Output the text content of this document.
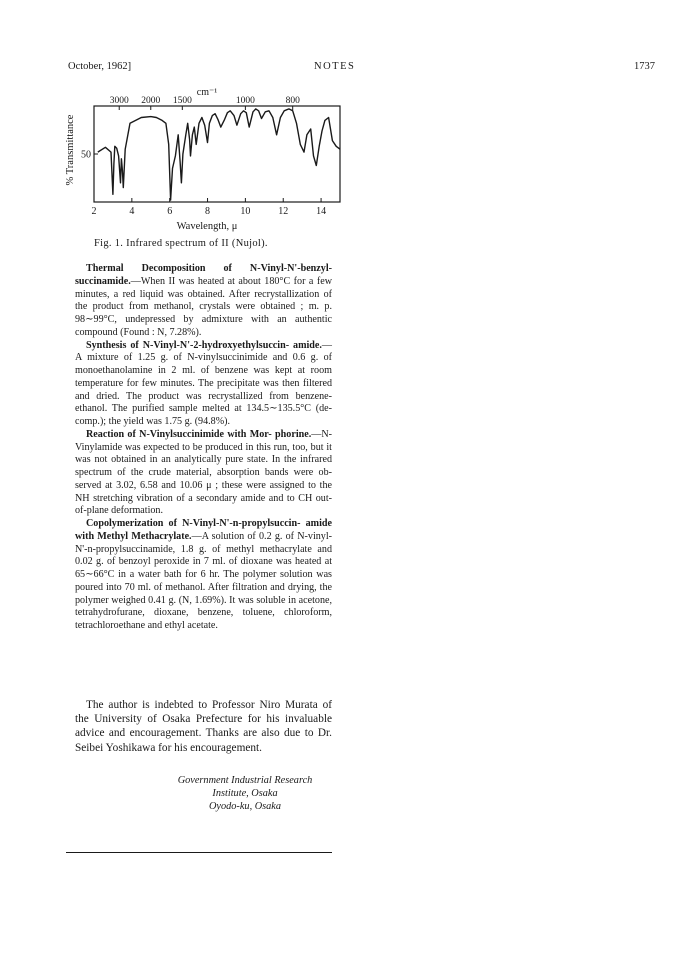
October, 1962]	NOTES	1737
3000 2000 1500	1000	800
2	4	6	8	10	12	14
50
cm⁻¹
Wavelength, μ
% Transmittance
Fig. 1. Infrared spectrum of II (Nujol).

Thermal Decomposition of N-Vinyl-N'-benzyl- succinamide.—When II was heated at about 180°C for a few minutes, a red liquid was obtained. After recrystallization of the product from methanol, crystals were obtained ; m. p. 98∼99°C, undepressed by admixture with an authentic compound (Found : N, 7.28%).

Synthesis of N-Vinyl-N'-2-hydroxyethylsuccin- amide.—A mixture of 1.25 g. of N-vinylsuccinimide and 0.6 g. of monoethanolamine in 2 ml. of benzene was kept at room temperature for few minutes. The precipitate was then filtered and dried. The product was recrystallized from benzene-ethanol. The purified sample melted at 134.5∼135.5°C (de- comp.); the yield was 1.75 g. (94.8%).

Reaction of N-Vinylsuccinimide with Mor- phorine.—N-Vinylamide was expected to be produced in this run, too, but it was not obtained in an analytically pure state. In the infrared spectrum of the crude material, absorption bands were ob- served at 3.02, 6.58 and 10.06 μ ; these were assigned to the NH stretching vibration of a secondary amide and to CH out-of-plane deformation.

Copolymerization of N-Vinyl-N'-n-propylsuccin- amide with Methyl Methacrylate.—A solution of 0.2 g. of N-vinyl-N'-n-propylsuccinamide, 1.8 g. of methyl methacrylate and 0.02 g. of benzoyl peroxide in 7 ml. of dioxane was heated at 65∼66°C in a water bath for 6 hr. The polymer solution was poured into 70 ml. of methanol. After filtration and drying, the polymer weighed 0.41 g. (N, 1.69%). It was soluble in acetone, tetrahydrofurane, dioxane, benzene, toluene, chloroform, tetrachloroethane and ethyl acetate.

The author is indebted to Professor Niro Murata of the University of Osaka Prefecture for his invaluable advice and encouragement. Thanks are also due to Dr. Seibei Yoshikawa for his encouragement.

Government Industrial Research
Institute, Osaka
Oyodo-ku, Osaka
